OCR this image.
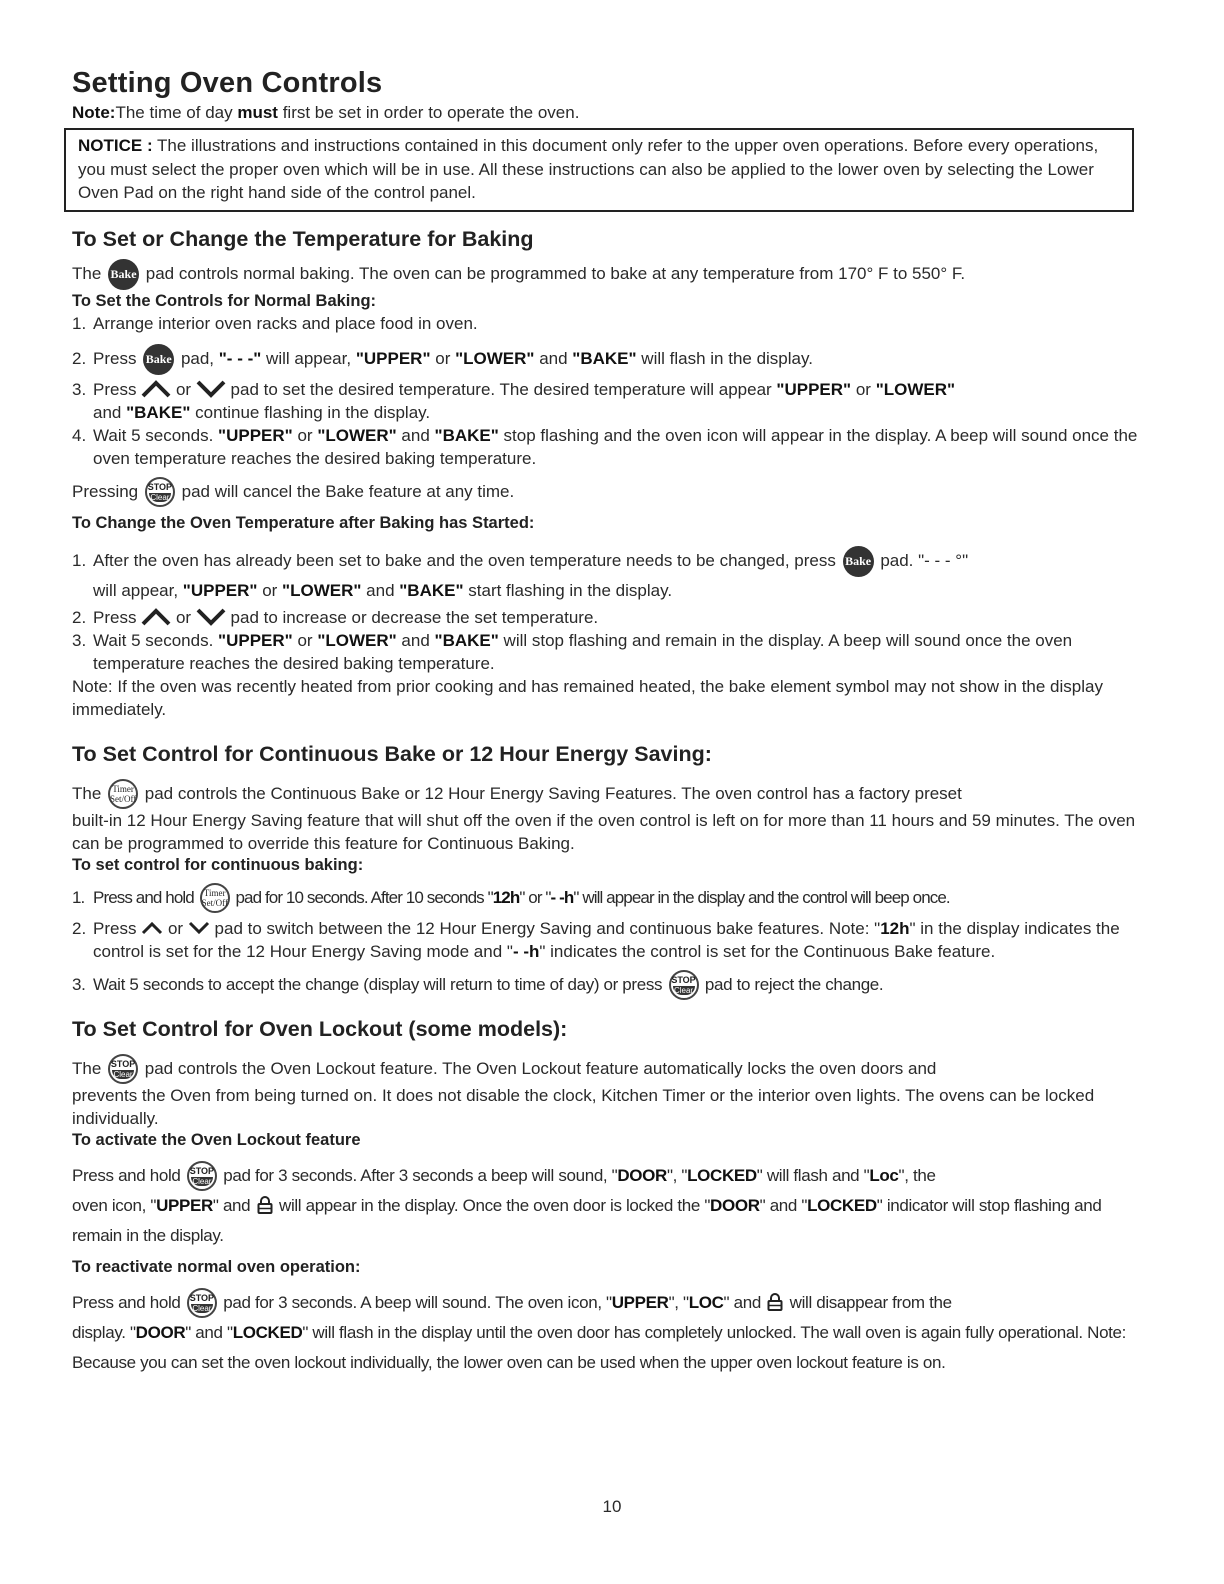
Setting Oven Controls

Note:The time of day must first be set in order to operate the oven.

NOTICE : The illustrations and instructions contained in this document only refer to the upper oven operations. Before every operations, you must select the proper oven which will be in use. All these instructions can also be applied to the lower oven by selecting the Lower Oven Pad on the right hand side of the control panel.
To Set or Change the Temperature for Baking

The Bake pad controls normal baking. The oven can be programmed to bake at any temperature from 170° F to 550° F.

To Set the Controls for Normal Baking:
1. Arrange interior oven racks and place food in oven.
2. Press Bake pad, "- - -" will appear, "UPPER" or "LOWER" and "BAKE" will flash in the display.
3. Press or pad to set the desired temperature. The desired temperature will appear "UPPER" or "LOWER"
and "BAKE" continue flashing in the display.
4. Wait 5 seconds. "UPPER" or "LOWER" and "BAKE" stop flashing and the oven icon will appear in the display. A beep will sound once the oven temperature reaches the desired baking temperature.

Pressing STOP
Clear pad will cancel the Bake feature at any time.

To Change the Oven Temperature after Baking has Started:
1. After the oven has already been set to bake and the oven temperature needs to be changed, press Bake pad. "- - - °"
will appear, "UPPER" or "LOWER" and "BAKE" start flashing in the display.
2. Press or pad to increase or decrease the set temperature.
3. Wait 5 seconds. "UPPER" or "LOWER" and "BAKE" will stop flashing and remain in the display. A beep will sound once the oven temperature reaches the desired baking temperature.

Note: If the oven was recently heated from prior cooking and has remained heated, the bake element symbol may not show in the display immediately.

To Set Control for Continuous Bake or 12 Hour Energy Saving:

The Timer
Set/Off pad controls the Continuous Bake or 12 Hour Energy Saving Features. The oven control has a factory preset

built-in 12 Hour Energy Saving feature that will shut off the oven if the oven control is left on for more than 11 hours and 59 minutes. The oven can be programmed to override this feature for Continuous Baking.

To set control for continuous baking:
1. Press and hold Timer
Set/Off pad for 10 seconds. After 10 seconds "12h" or "- -h" will appear in the display and the control will beep once.
2. Press or pad to switch between the 12 Hour Energy Saving and continuous bake features. Note: "12h" in the display indicates the control is set for the 12 Hour Energy Saving mode and "- -h" indicates the control is set for the Continuous Bake feature.
3. Wait 5 seconds to accept the change (display will return to time of day) or press STOP
Clear pad to reject the change.
To Set Control for Oven Lockout (some models):

The STOP
Clear pad controls the Oven Lockout feature. The Oven Lockout feature automatically locks the oven doors and

prevents the Oven from being turned on. It does not disable the clock, Kitchen Timer or the interior oven lights. The ovens can be locked individually.

To activate the Oven Lockout feature

Press and hold STOP
Clear pad for 3 seconds. After 3 seconds a beep will sound, "DOOR", "LOCKED" will flash and "Loc", the
oven icon, "UPPER" and will appear in the display. Once the oven door is locked the "DOOR" and "LOCKED" indicator will stop flashing and remain in the display.

To reactivate normal oven operation:

Press and hold STOP
Clear pad for 3 seconds. A beep will sound. The oven icon, "UPPER", "LOC" and will disappear from the
display. "DOOR" and "LOCKED" will flash in the display until the oven door has completely unlocked. The wall oven is again fully operational. Note: Because you can set the oven lockout individually, the lower oven can be used when the upper oven lockout feature is on.

10
